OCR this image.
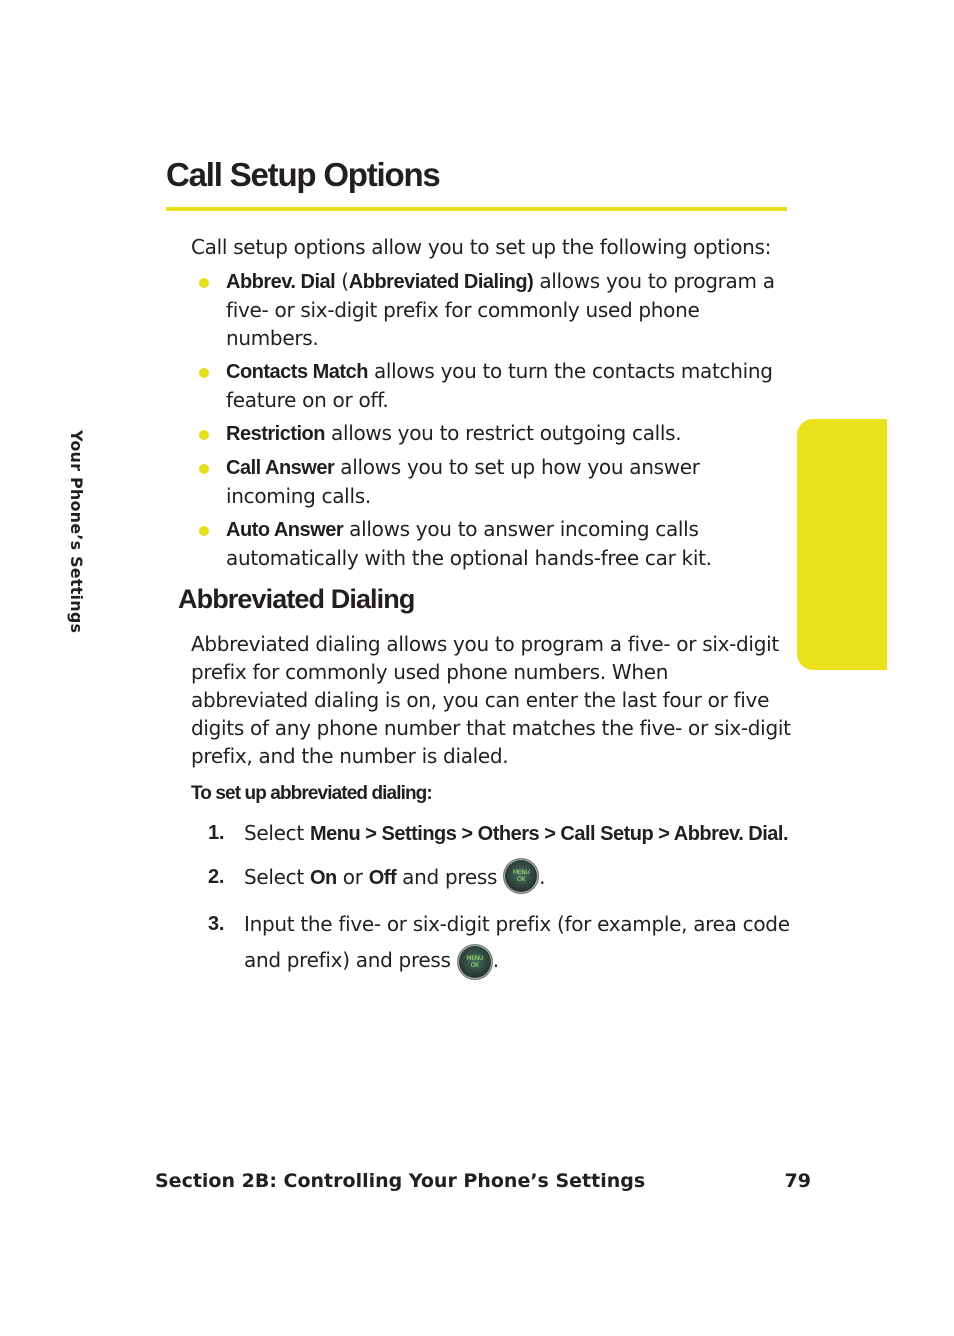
Call Setup Options

Call setup options allow you to set up the following options:

Abbrev. Dial (Abbreviated Dialing) allows you to program a five- or six-digit prefix for commonly used phone numbers.
Contacts Match allows you to turn the contacts matching feature on or off.
Restriction allows you to restrict outgoing calls.
Call Answer allows you to set up how you answer incoming calls.
Auto Answer allows you to answer incoming calls automatically with the optional hands-free car kit.
Abbreviated Dialing

Abbreviated dialing allows you to program a five- or six-digit prefix for commonly used phone numbers. When abbreviated dialing is on, you can enter the last four or five digits of any phone number that matches the five- or six-digit prefix, and the number is dialed.

To set up abbreviated dialing:

1. Select Menu > Settings > Others > Call Setup > Abbrev. Dial.
2. Select On or Off and press	MENU
OK .
3. Input the five- or six-digit prefix (for example, area code and prefix) and press	MENU
OK .
Your Phone’s Settings
Section 2B: Controlling Your Phone’s Settings	79
